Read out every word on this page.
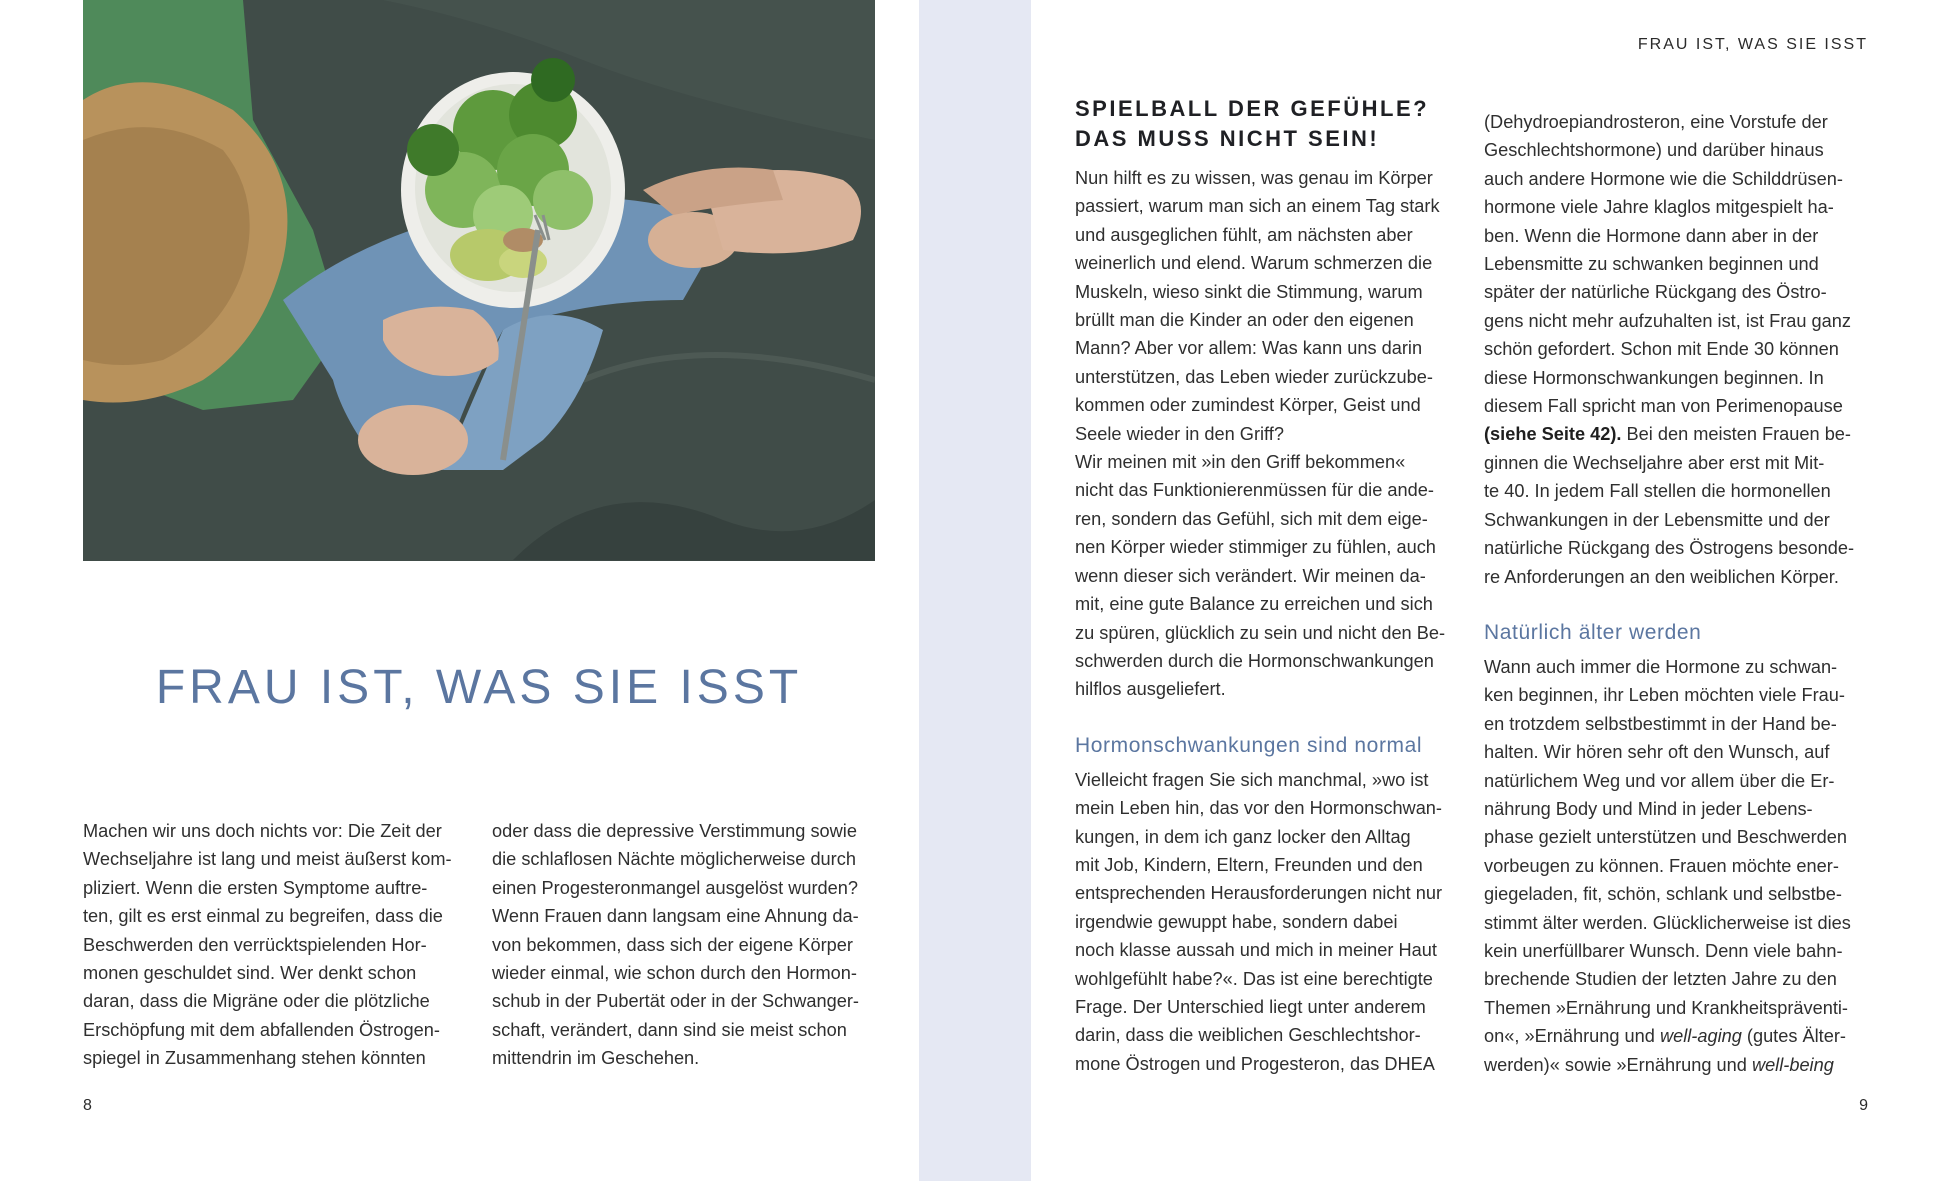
FRAU IST, WAS SIE ISST

Machen wir uns doch nichts vor: Die Zeit der

Wechseljahre ist lang und meist äußerst kom-

pliziert. Wenn die ersten Symptome auftre-

ten, gilt es erst einmal zu begreifen, dass die

Beschwerden den verrücktspielenden Hor-

monen geschuldet sind. Wer denkt schon

daran, dass die Migräne oder die plötzliche

Erschöpfung mit dem abfallenden Östrogen-

spiegel in Zusammenhang stehen könnten

oder dass die depressive Verstimmung sowie

die schlaflosen Nächte möglicherweise durch

einen Progesteronmangel ausgelöst wurden?

Wenn Frauen dann langsam eine Ahnung da-

von bekommen, dass sich der eigene Körper

wieder einmal, wie schon durch den Hormon-

schub in der Pubertät oder in der Schwanger-

schaft, verändert, dann sind sie meist schon

mittendrin im Geschehen.

8
FRAU IST, WAS SIE ISST
SPIELBALL DER GEFÜHLE?
DAS MUSS NICHT SEIN!

Nun hilft es zu wissen, was genau im Körper

passiert, warum man sich an einem Tag stark

und ausgeglichen fühlt, am nächsten aber

weinerlich und elend. Warum schmerzen die

Muskeln, wieso sinkt die Stimmung, warum

brüllt man die Kinder an oder den eigenen

Mann? Aber vor allem: Was kann uns darin

unterstützen, das Leben wieder zurückzube-

kommen oder zumindest Körper, Geist und

Seele wieder in den Griff?

Wir meinen mit »in den Griff bekommen«

nicht das Funktionierenmüssen für die ande-

ren, sondern das Gefühl, sich mit dem eige-

nen Körper wieder stimmiger zu fühlen, auch

wenn dieser sich verändert. Wir meinen da-

mit, eine gute Balance zu erreichen und sich

zu spüren, glücklich zu sein und nicht den Be-

schwerden durch die Hormonschwankungen

hilflos ausgeliefert.

Hormonschwankungen sind normal

Vielleicht fragen Sie sich manchmal, »wo ist

mein Leben hin, das vor den Hormonschwan-

kungen, in dem ich ganz locker den Alltag

mit Job, Kindern, Eltern, Freunden und den

entsprechenden Herausforderungen nicht nur

irgendwie gewuppt habe, sondern dabei

noch klasse aussah und mich in meiner Haut

wohlgefühlt habe?«. Das ist eine berechtigte

Frage. Der Unterschied liegt unter anderem

darin, dass die weiblichen Geschlechtshor-

mone Östrogen und Progesteron, das DHEA

(Dehydroepiandrosteron, eine Vorstufe der

Geschlechtshormone) und darüber hinaus

auch andere Hormone wie die Schilddrüsen-

hormone viele Jahre klaglos mitgespielt ha-

ben. Wenn die Hormone dann aber in der

Lebensmitte zu schwanken beginnen und

später der natürliche Rückgang des Östro-

gens nicht mehr aufzuhalten ist, ist Frau ganz

schön gefordert. Schon mit Ende 30 können

diese Hormonschwankungen beginnen. In

diesem Fall spricht man von Perimenopause

(siehe Seite 42). Bei den meisten Frauen be-

ginnen die Wechseljahre aber erst mit Mit-

te 40. In jedem Fall stellen die hormonellen

Schwankungen in der Lebensmitte und der

natürliche Rückgang des Östrogens besonde-

re Anforderungen an den weiblichen Körper.

Natürlich älter werden

Wann auch immer die Hormone zu schwan-

ken beginnen, ihr Leben möchten viele Frau-

en trotzdem selbstbestimmt in der Hand be-

halten. Wir hören sehr oft den Wunsch, auf

natürlichem Weg und vor allem über die Er-

nährung Body und Mind in jeder Lebens-

phase gezielt unterstützen und Beschwerden

vorbeugen zu können. Frauen möchte ener-

giegeladen, fit, schön, schlank und selbstbe-

stimmt älter werden. Glücklicherweise ist dies

kein unerfüllbarer Wunsch. Denn viele bahn-

brechende Studien der letzten Jahre zu den

Themen »Ernährung und Krankheitspräventi-

on«, »Ernährung und well-aging (gutes Älter-

werden)« sowie »Ernährung und well-being

9
